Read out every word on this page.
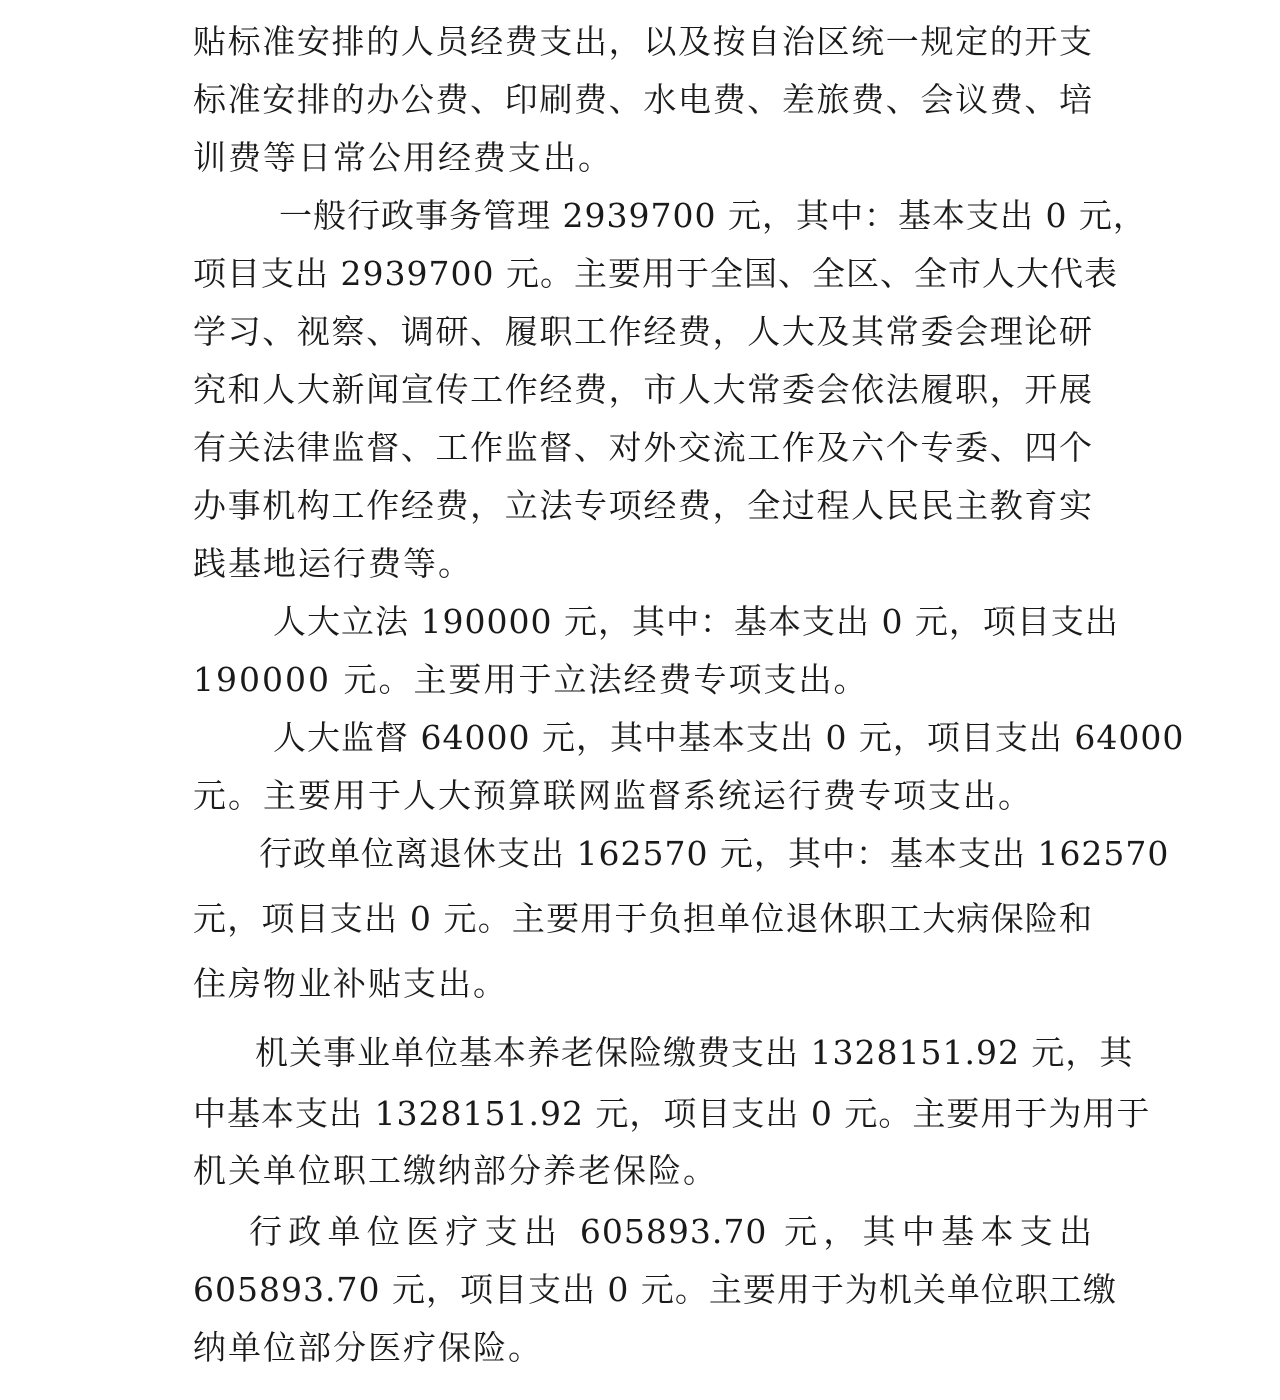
贴标准安排的人员经费支出，以及按自治区统一规定的开支
标准安排的办公费、印刷费、水电费、差旅费、会议费、培
训费等日常公用经费支出。
一般行政事务管理 2939700 元，其中：基本支出 0 元，
项目支出 2939700 元。主要用于全国、全区、全市人大代表
学习、视察、调研、履职工作经费，人大及其常委会理论研
究和人大新闻宣传工作经费，市人大常委会依法履职，开展
有关法律监督、工作监督、对外交流工作及六个专委、四个
办事机构工作经费，立法专项经费，全过程人民民主教育实
践基地运行费等。
人大立法 190000 元，其中：基本支出 0 元，项目支出
190000 元。主要用于立法经费专项支出。
人大监督 64000 元，其中基本支出 0 元，项目支出 64000
元。主要用于人大预算联网监督系统运行费专项支出。
行政单位离退休支出 162570 元，其中：基本支出 162570
元，项目支出 0 元。主要用于负担单位退休职工大病保险和
住房物业补贴支出。
机关事业单位基本养老保险缴费支出 1328151.92 元，其
中基本支出 1328151.92 元，项目支出 0 元。主要用于为用于
机关单位职工缴纳部分养老保险。
行政单位医疗支出 605893.70 元，其中基本支出
605893.70 元，项目支出 0 元。主要用于为机关单位职工缴
纳单位部分医疗保险。
